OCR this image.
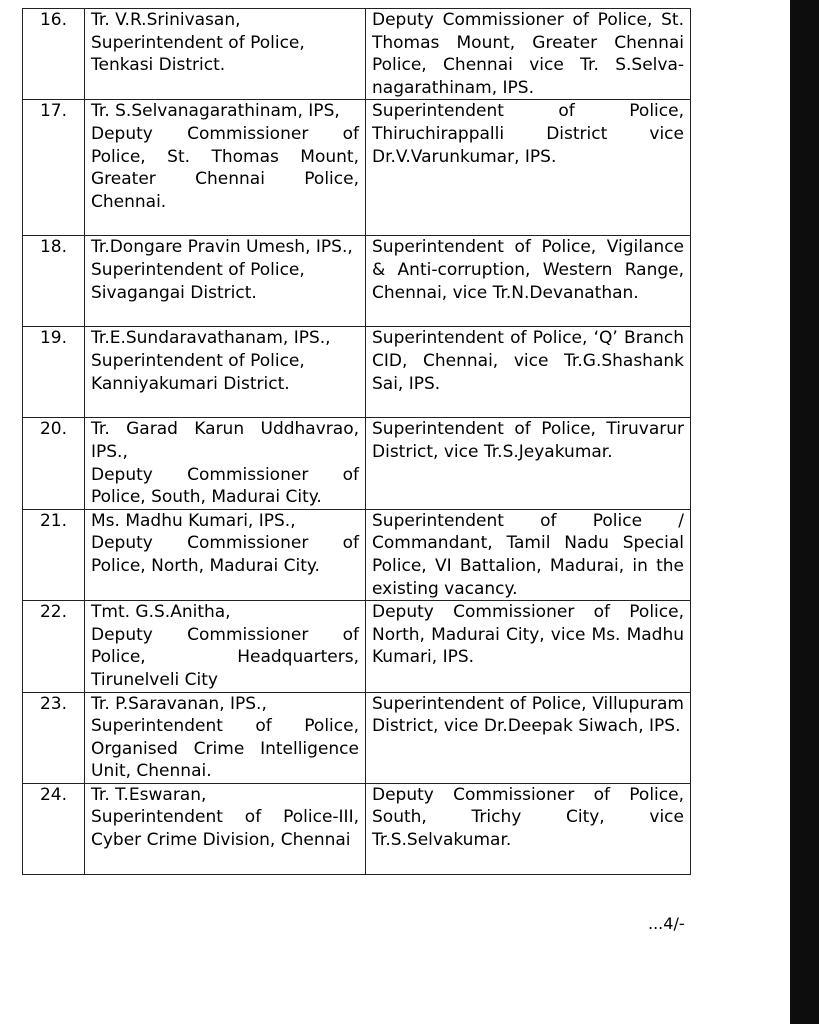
16.	Tr. V.R.Srinivasan,
Superintendent of Police,
Tenkasi District.	Deputy Commissioner of Police, St. Thomas Mount, Greater Chennai Police, Chennai vice Tr. S.Selva-nagarathinam, IPS.

17.	Tr. S.Selvanagarathinam, IPS,
Deputy Commissioner of Police, St. Thomas Mount, Greater Chennai Police, Chennai.	Superintendent of Police, Thiruchirappalli District vice Dr.V.Varunkumar, IPS.

18.	Tr.Dongare Pravin Umesh, IPS.,
Superintendent of Police,
Sivagangai District.	Superintendent of Police, Vigilance & Anti-corruption, Western Range, Chennai, vice Tr.N.Devanathan.

19.	Tr.E.Sundaravathanam, IPS.,
Superintendent of Police,
Kanniyakumari District.	Superintendent of Police, ‘Q’ Branch CID, Chennai, vice Tr.G.Shashank Sai, IPS.

20.	Tr. Garad Karun Uddhavrao, IPS.,
Deputy Commissioner of Police, South, Madurai City.	Superintendent of Police, Tiruvarur District, vice Tr.S.Jeyakumar.

21.	Ms. Madhu Kumari, IPS.,
Deputy Commissioner of Police, North, Madurai City.	Superintendent of Police / Commandant, Tamil Nadu Special Police, VI Battalion, Madurai, in the existing vacancy.

22.	Tmt. G.S.Anitha,
Deputy Commissioner of Police, Headquarters, Tirunelveli City	Deputy Commissioner of Police, North, Madurai City, vice Ms. Madhu Kumari, IPS.

23.	Tr. P.Saravanan, IPS.,
Superintendent of Police, Organised Crime Intelligence Unit, Chennai.	Superintendent of Police, Villupuram District, vice Dr.Deepak Siwach, IPS.

24.	Tr. T.Eswaran,
Superintendent of Police-III, Cyber Crime Division, Chennai	Deputy Commissioner of Police, South, Trichy City, vice Tr.S.Selvakumar.
...4/-
